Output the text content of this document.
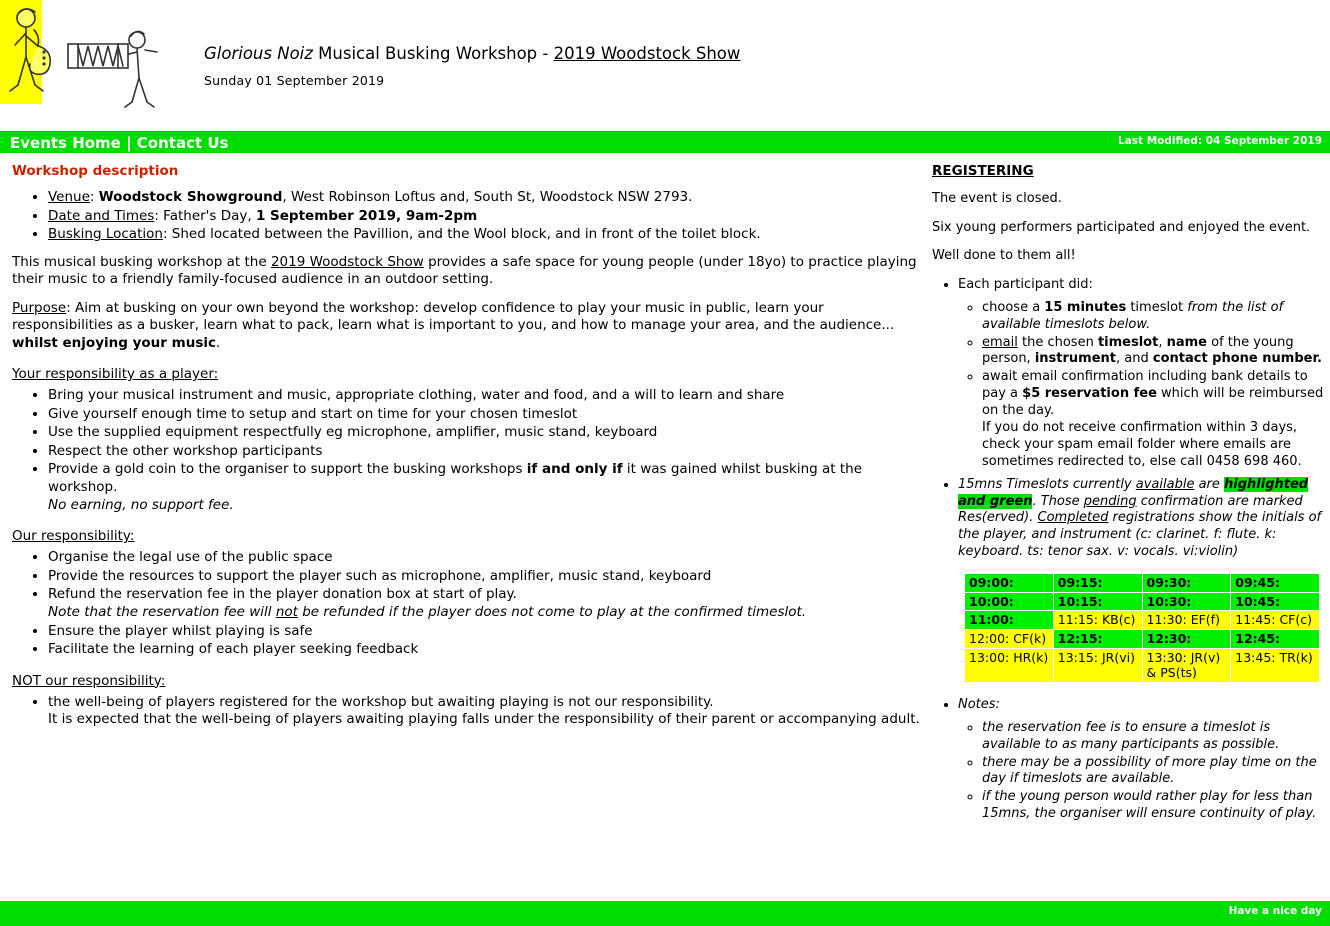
Glorious Noiz Musical Busking Workshop - 2019 Woodstock Show
Sunday 01 September 2019
Events Home | Contact Us	Last Modified: 04 September 2019
Workshop description
• Venue: Woodstock Showground, West Robinson Loftus and, South St, Woodstock NSW 2793.
• Date and Times: Father's Day, 1 September 2019, 9am-2pm
• Busking Location: Shed located between the Pavillion, and the Wool block, and in front of the toilet block.

This musical busking workshop at the 2019 Woodstock Show provides a safe space for young people (under 18yo) to practice playing their music to a friendly family-focused audience in an outdoor setting.

Purpose: Aim at busking on your own beyond the workshop: develop confidence to play your music in public, learn your responsibilities as a busker, learn what to pack, learn what is important to you, and how to manage your area, and the audience... whilst enjoying your music.

Your responsibility as a player:

• Bring your musical instrument and music, appropriate clothing, water and food, and a will to learn and share
• Give yourself enough time to setup and start on time for your chosen timeslot
• Use the supplied equipment respectfully eg microphone, amplifier, music stand, keyboard
• Respect the other workshop participants
• Provide a gold coin to the organiser to support the busking workshops if and only if it was gained whilst busking at the workshop.
No earning, no support fee.

Our responsibility:

• Organise the legal use of the public space
• Provide the resources to support the player such as microphone, amplifier, music stand, keyboard
• Refund the reservation fee in the player donation box at start of play.
Note that the reservation fee will not be refunded if the player does not come to play at the confirmed timeslot.
• Ensure the player whilst playing is safe
• Facilitate the learning of each player seeking feedback

NOT our responsibility:

• the well-being of players registered for the workshop but awaiting playing is not our responsibility.
It is expected that the well-being of players awaiting playing falls under the responsibility of their parent or accompanying adult.
REGISTERING

The event is closed.

Six young performers participated and enjoyed the event.

Well done to them all!

• Each participant did:
◦ choose a 15 minutes timeslot from the list of available timeslots below.
◦ email the chosen timeslot, name of the young person, instrument, and contact phone number.
◦ await email confirmation including bank details to pay a $5 reservation fee which will be reimbursed on the day.
If you do not receive confirmation within 3 days, check your spam email folder where emails are sometimes redirected to, else call 0458 698 460.
• 15mns Timeslots currently available are highlighted and green. Those pending confirmation are marked Res(erved). Completed registrations show the initials of the player, and instrument (c: clarinet. f: flute. k: keyboard. ts: tenor sax. v: vocals. vi:violin)
09:00:	09:15:	09:30:	09:45:
10:00:	10:15:	10:30:	10:45:
11:00:	11:15: KB(c)	11:30: EF(f)	11:45: CF(c)
12:00: CF(k)	12:15:	12:30:	12:45:
13:00: HR(k)	13:15: JR(vi)	13:30: JR(v) & PS(ts)	13:45: TR(k)
• Notes:
◦ the reservation fee is to ensure a timeslot is available to as many participants as possible.
◦ there may be a possibility of more play time on the day if timeslots are available.
◦ if the young person would rather play for less than 15mns, the organiser will ensure continuity of play.
Have a nice day
